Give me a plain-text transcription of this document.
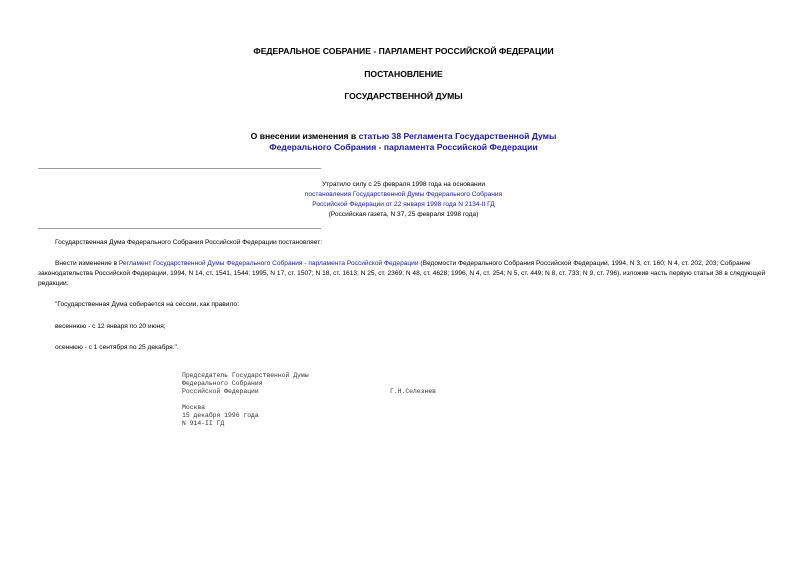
ФЕДЕРАЛЬНОЕ СОБРАНИЕ - ПАРЛАМЕНТ РОССИЙСКОЙ ФЕДЕРАЦИИ
ПОСТАНОВЛЕНИЕ
ГОСУДАРСТВЕННОЙ ДУМЫ
О внесении изменения в статью 38 Регламента Государственной Думы
Федерального Собрания - парламента Российской Федерации
Утратило силу с 25 февраля 1998 года на основании
постановления Государственной Думы Федерального Собрания
Российской Федерации от 22 января 1998 года N 2134-II ГД
(Российская газета, N 37, 25 февраля 1998 года)
Государственная Дума Федерального Собрания Российской Федерации постановляет:
Внести изменение в Регламент Государственной Думы Федерального Собрания - парламента Российской Федерации (Ведомости Федерального Собрания Российской Федерации, 1994, N 3, ст. 160; N 4, ст. 202, 203; Собрание законодательства Российской Федерации, 1994, N 14, ст. 1541, 1544; 1995, N 17, ст. 1507; N 18, ст. 1613; N 25, ст. 2369; N 48, ст. 4628; 1996, N 4, ст. 254; N 5, ст. 449; N 8, ст. 733; N 9, ст. 796), изложив часть первую статьи 38 в следующей редакции:
"Государственная Дума собирается на сессии, как правило:
весеннюю - с 12 января по 20 июня;
осеннюю - с 1 сентября по 25 декабря.".
Председатель Государственной Думы
Федерального Собрания
Российской Федерации	Г.Н.Селезнев
Москва
15 декабря 1996 года
N 914-II ГД
